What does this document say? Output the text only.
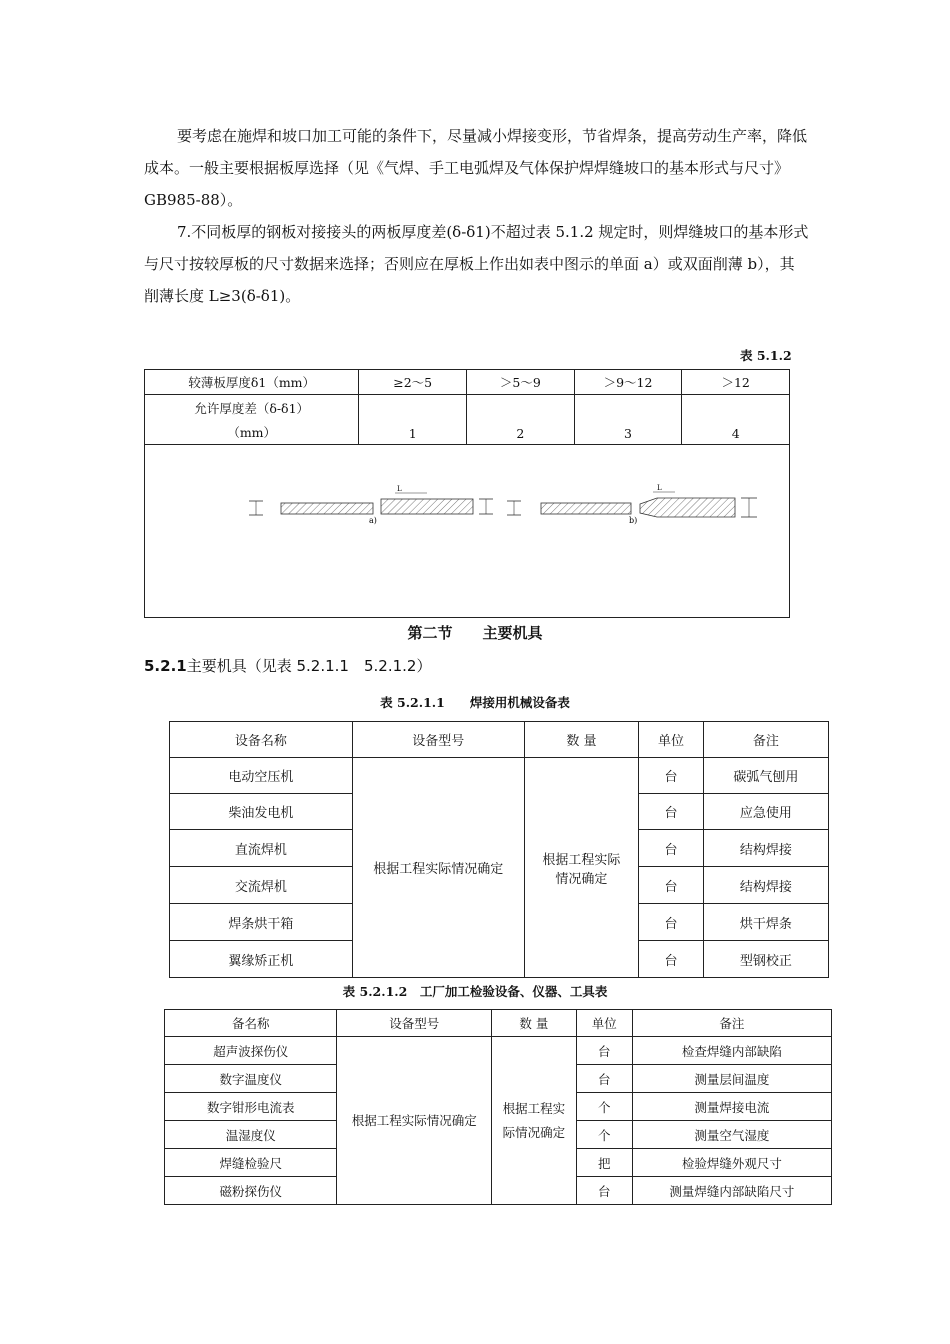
要考虑在施焊和坡口加工可能的条件下，尽量减小焊接变形，节省焊条，提高劳动生产率，降低成本。一般主要根据板厚选择（见《气焊、手工电弧焊及气体保护焊焊缝坡口的基本形式与尺寸》GB985-88）。

7.不同板厚的钢板对接接头的两板厚度差(δ-δ1)不超过表 5.1.2 规定时，则焊缝坡口的基本形式与尺寸按较厚板的尺寸数据来选择；否则应在厚板上作出如表中图示的单面 a）或双面削薄 b），其削薄长度 L≥3(δ-δ1)。

表 5.1.2
较薄板厚度δ1（mm）	≥2～5	＞5～9	＞9～12	＞12

允许厚度差（δ-δ1）
（mm）	1	2	3	4

L
a)
L
b)				
第二节　　主要机具
5.2.1主要机具（见表 5.2.1.1　5.2.1.2）
表 5.2.1.1　　焊接用机械设备表
设备名称	设备型号	数 量	单位	备注
电动空压机	根据工程实际情况确定	根据工程实际情况确定	台	碳弧气刨用
柴油发电机			台	应急使用
直流焊机			台	结构焊接
交流焊机			台	结构焊接
焊条烘干箱			台	烘干焊条
翼缘矫正机			台	型钢校正
表 5.2.1.2　工厂加工检验设备、仪器、工具表
备名称	设备型号	数 量	单位	备注
超声波探伤仪	根据工程实际情况确定	根据工程实际情况确定	台	检查焊缝内部缺陷
数字温度仪			台	测量层间温度
数字钳形电流表			个	测量焊接电流
温湿度仪			个	测量空气湿度
焊缝检验尺			把	检验焊缝外观尺寸
磁粉探伤仪			台	测量焊缝内部缺陷尺寸
